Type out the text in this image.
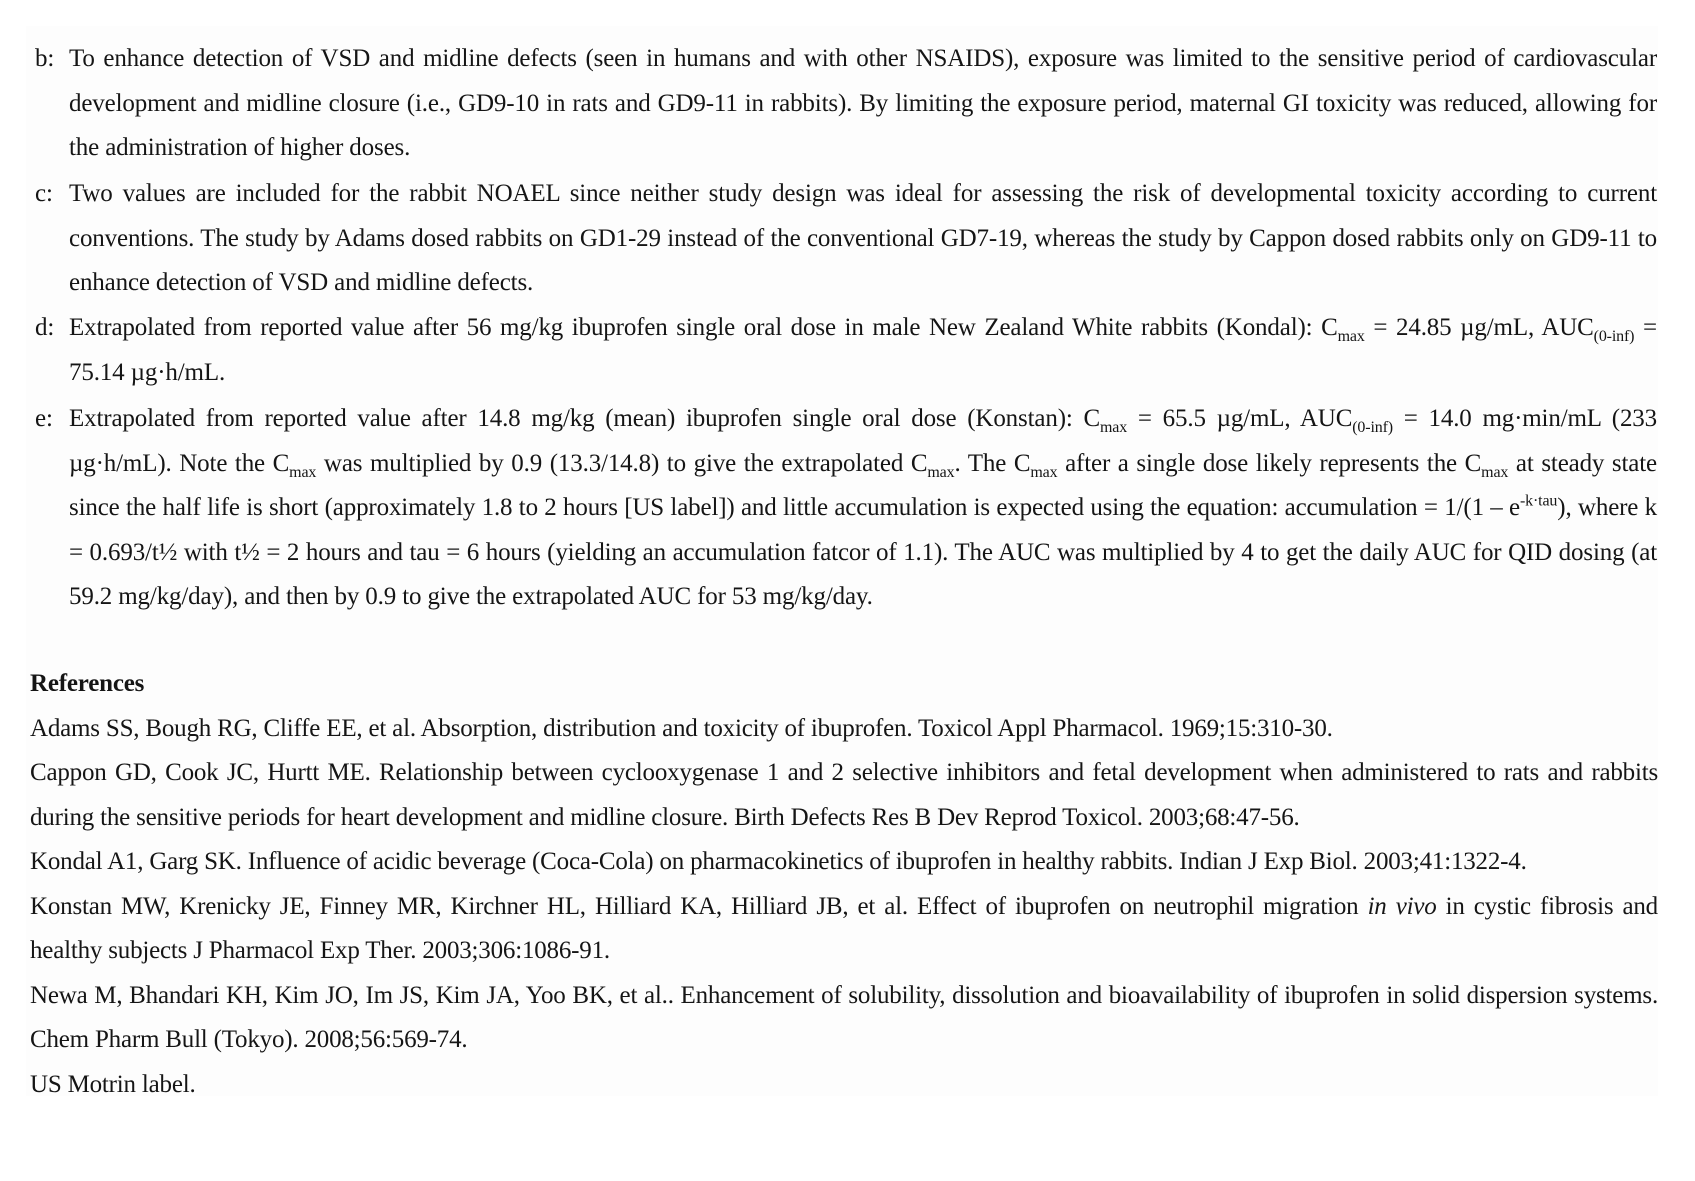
b: To enhance detection of VSD and midline defects (seen in humans and with other NSAIDS), exposure was limited to the sensitive period of cardiovascular development and midline closure (i.e., GD9-10 in rats and GD9-11 in rabbits). By limiting the exposure period, maternal GI toxicity was reduced, allowing for the administration of higher doses.
c: Two values are included for the rabbit NOAEL since neither study design was ideal for assessing the risk of developmental toxicity according to current conventions. The study by Adams dosed rabbits on GD1-29 instead of the conventional GD7-19, whereas the study by Cappon dosed rabbits only on GD9-11 to enhance detection of VSD and midline defects.
d: Extrapolated from reported value after 56 mg/kg ibuprofen single oral dose in male New Zealand White rabbits (Kondal): $C_{max} = 24.85$ µg/mL, $AUC_{(0-inf)} = 75.14$ µg·h/mL.
e: Extrapolated from reported value after 14.8 mg/kg (mean) ibuprofen single oral dose (Konstan): $C_{max} = 65.5$ µg/mL, $AUC_{(0-inf)} = 14.0$ mg·min/mL (233 µg·h/mL). Note the $C_{max}$ was multiplied by 0.9 (13.3/14.8) to give the extrapolated $C_{max}$. The $C_{max}$ after a single dose likely represents the $C_{max}$ at steady state since the half life is short (approximately 1.8 to 2 hours [US label]) and little accumulation is expected using the equation: accumulation = $1/(1 - e^{-k\cdot tau})$, where k = 0.693/t½ with t½ = 2 hours and tau = 6 hours (yielding an accumulation fatcor of 1.1). The AUC was multiplied by 4 to get the daily AUC for QID dosing (at 59.2 mg/kg/day), and then by 0.9 to give the extrapolated AUC for 53 mg/kg/day.

References

Adams SS, Bough RG, Cliffe EE, et al. Absorption, distribution and toxicity of ibuprofen. Toxicol Appl Pharmacol. 1969;15:310-30.

Cappon GD, Cook JC, Hurtt ME. Relationship between cyclooxygenase 1 and 2 selective inhibitors and fetal development when administered to rats and rabbits during the sensitive periods for heart development and midline closure. Birth Defects Res B Dev Reprod Toxicol. 2003;68:47-56.

Kondal A1, Garg SK. Influence of acidic beverage (Coca-Cola) on pharmacokinetics of ibuprofen in healthy rabbits. Indian J Exp Biol. 2003;41:1322-4.

Konstan MW, Krenicky JE, Finney MR, Kirchner HL, Hilliard KA, Hilliard JB, et al. Effect of ibuprofen on neutrophil migration in vivo in cystic fibrosis and healthy subjects J Pharmacol Exp Ther. 2003;306:1086-91.

Newa M, Bhandari KH, Kim JO, Im JS, Kim JA, Yoo BK, et al.. Enhancement of solubility, dissolution and bioavailability of ibuprofen in solid dispersion systems. Chem Pharm Bull (Tokyo). 2008;56:569-74.

US Motrin label.
